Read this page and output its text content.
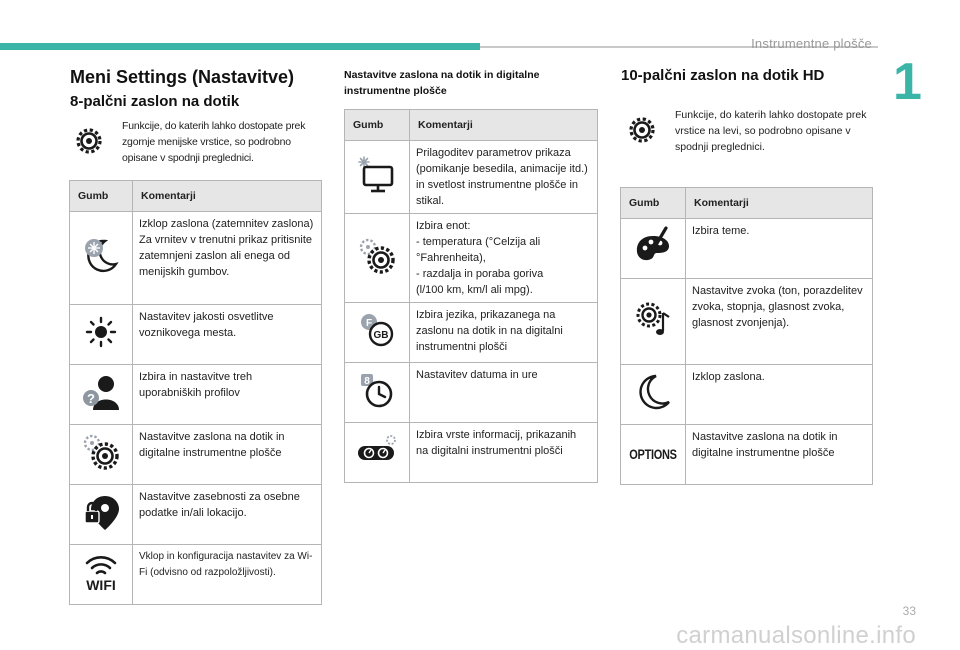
Instrumentne plošče
1
Meni Settings (Nastavitve)
8-palčni zaslon na dotik
Funkcije, do katerih lahko dostopate prek zgornje menijske vrstice, so podrobno opisane v spodnji preglednici.
Gumb	Komentarji
	Izklop zaslona (zatemnitev zaslona)
Za vrnitev v trenutni prikaz pritisnite zatemnjeni zaslon ali enega od menijskih gumbov.
	Nastavitev jakosti osvetlitve voznikovega mesta.

?	Izbira in nastavitve treh uporabniških profilov
	Nastavitve zaslona na dotik in digitalne instrumentne plošče
	Nastavitve zasebnosti za osebne podatke in/ali lokacijo.

WIFI	Vklop in konfiguracija nastavitev za Wi-Fi (odvisno od razpoložljivosti).
Nastavitve zaslona na dotik in digitalne instrumentne plošče
Gumb	Komentarji
	Prilagoditev parametrov prikaza (pomikanje besedila, animacije itd.) in svetlost instrumentne plošče in stikal.
	Izbira enot:
- temperatura (°Celzija ali
°Fahrenheita),
- razdalja in poraba goriva
(l/100 km, km/l ali mpg).

F
GB	Izbira jezika, prikazanega na zaslonu na dotik in na digitalni instrumentni plošči

8	Nastavitev datuma in ure
	Izbira vrste informacij, prikazanih na digitalni instrumentni plošči
10-palčni zaslon na dotik HD
Funkcije, do katerih lahko dostopate prek vrstice na levi, so podrobno opisane v spodnji preglednici.
Gumb	Komentarji
	Izbira teme.
	Nastavitve zvoka (ton, porazdelitev zvoka, stopnja, glasnost zvoka, glasnost zvonjenja).
	Izklop zaslona.
OPTIONS	Nastavitve zaslona na dotik in digitalne instrumentne plošče
33
carmanualsonline.info
